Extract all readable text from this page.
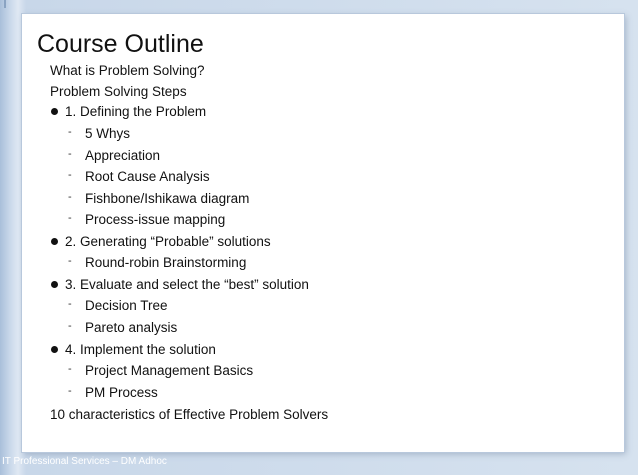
Course Outline
What is Problem Solving?
Problem Solving Steps
1. Defining the Problem
- 5 Whys
- Appreciation
- Root Cause Analysis
- Fishbone/Ishikawa diagram
- Process-issue mapping
2. Generating “Probable” solutions
- Round-robin Brainstorming
3. Evaluate and select the “best” solution
- Decision Tree
- Pareto analysis
4. Implement the solution
- Project Management Basics
- PM Process
10 characteristics of Effective Problem Solvers
IT Professional Services – DM Adhoc
